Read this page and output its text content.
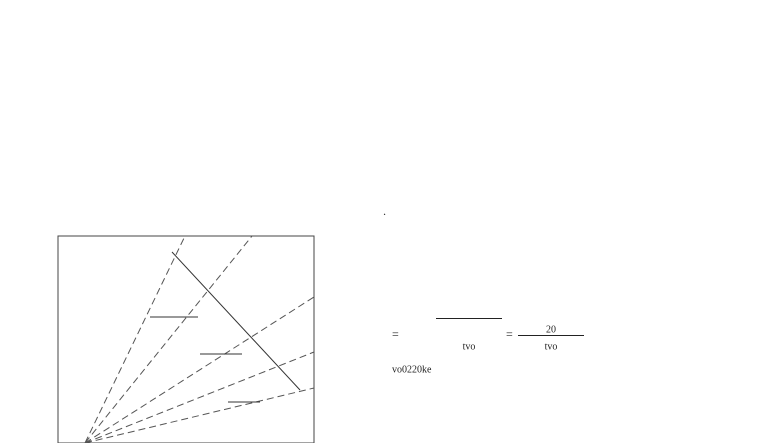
.
=
$_{tvo}$
=	$_{20}$
$_{tvo}$
$_{vo0220ke}$
